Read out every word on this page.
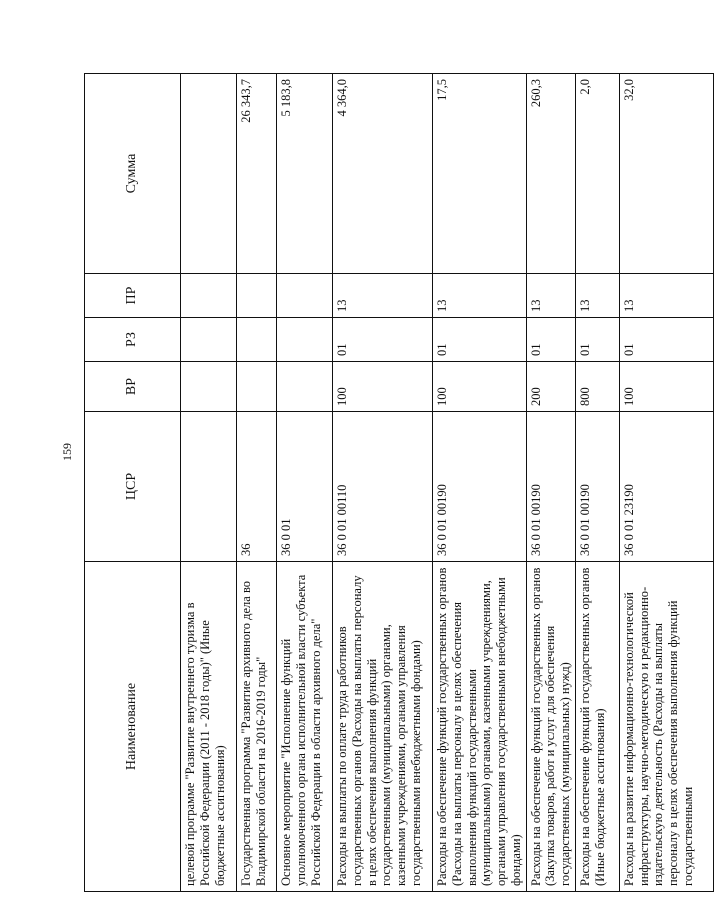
159
Наименование	ЦСР	ВР	РЗ	ПР	Сумма
целевой программе "Развитие внутреннего туризма в Российской Федерации (2011 - 2018 годы)" (Иные бюджетные ассигнования)					
Государственная программа "Развитие архивного дела во Владимирской области на 2016-2019 годы"	36				26 343,7
Основное мероприятие "Исполнение функций уполномоченного органа исполнительной власти субъекта Российской Федерации в области архивного дела"	36 0 01				5 183,8
Расходы на выплаты по оплате труда работников государственных органов (Расходы на выплаты персоналу в целях обеспечения выполнения функций государственными (муниципальными) органами, казенными учреждениями, органами управления государственными внебюджетными фондами)	36 0 01 00110	100	01	13	4 364,0
Расходы на обеспечение функций государственных органов (Расходы на выплаты персоналу в целях обеспечения выполнения функций государственными (муниципальными) органами, казенными учреждениями, органами управления государственными внебюджетными фондами)	36 0 01 00190	100	01	13	17,5
Расходы на обеспечение функций государственных органов (Закупка товаров, работ и услуг для обеспечения государственных (муниципальных) нужд)	36 0 01 00190	200	01	13	260,3
Расходы на обеспечение функций государственных органов (Иные бюджетные ассигнования)	36 0 01 00190	800	01	13	2,0
Расходы на развитие информационно-технологической инфраструктуры, научно-методическую и редакционно-издательскую деятельность (Расходы на выплаты персоналу в целях обеспечения выполнения функций государственными	36 0 01 23190	100	01	13	32,0
